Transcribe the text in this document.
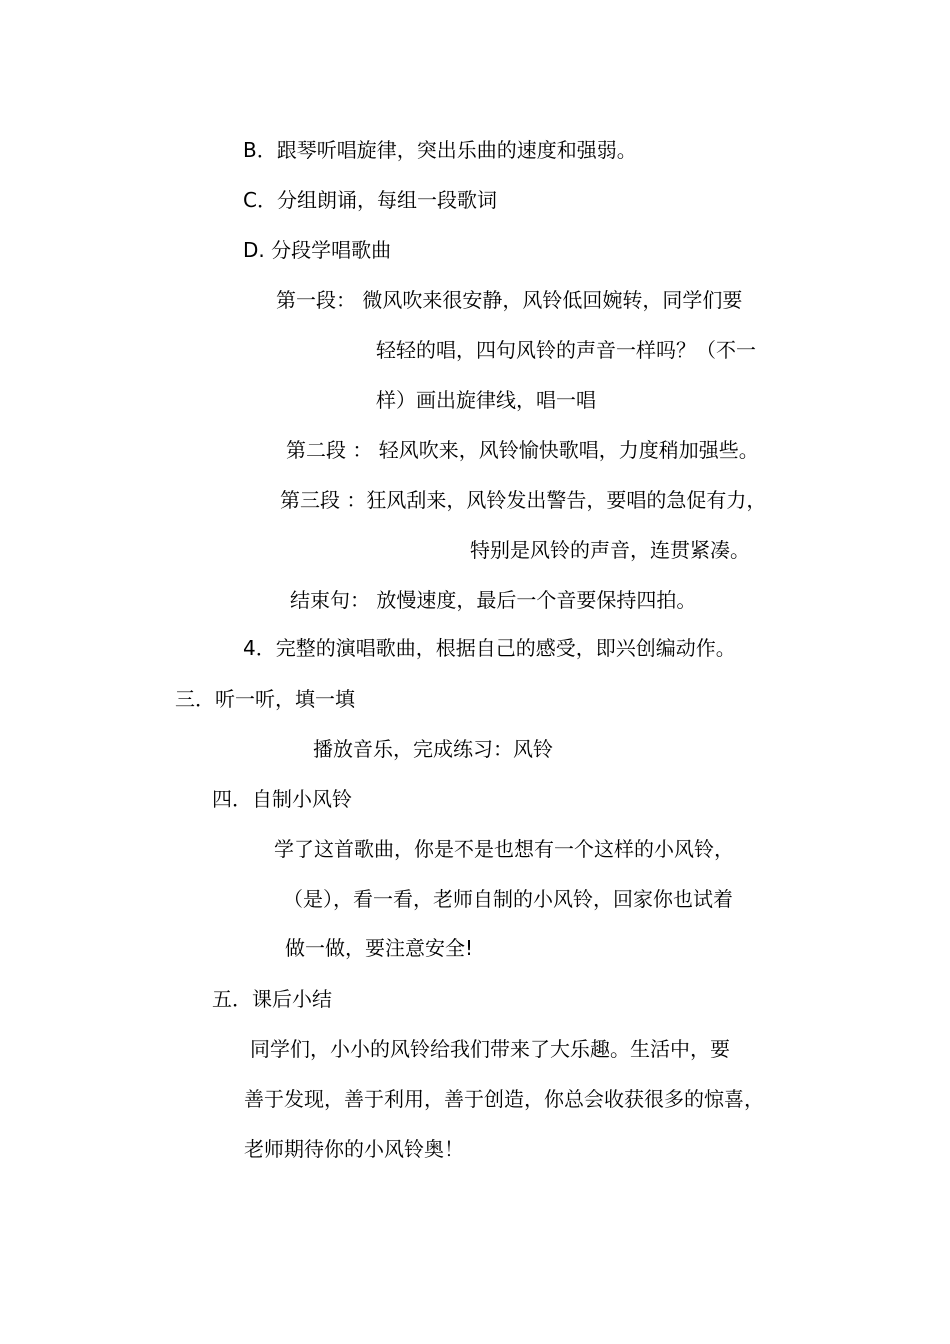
B．跟琴听唱旋律，突出乐曲的速度和强弱。
C．分组朗诵，每组一段歌词
D. 分段学唱歌曲
第一段： 微风吹来很安静，风铃低回婉转，同学们要
轻轻的唱，四句风铃的声音一样吗？（不一
样）画出旋律线，唱一唱
第二段 ： 轻风吹来，风铃愉快歌唱，力度稍加强些。
第三段 ：狂风刮来，风铃发出警告，要唱的急促有力，
特别是风铃的声音，连贯紧凑。
结束句： 放慢速度，最后一个音要保持四拍。
4．完整的演唱歌曲，根据自己的感受，即兴创编动作。
三．听一听，填一填
播放音乐，完成练习：风铃
四．自制小风铃
学了这首歌曲，你是不是也想有一个这样的小风铃，
（是），看一看，老师自制的小风铃，回家你也试着
做一做，要注意安全!
五．课后小结
同学们，小小的风铃给我们带来了大乐趣。生活中，要
善于发现，善于利用，善于创造，你总会收获很多的惊喜，
老师期待你的小风铃奥！
